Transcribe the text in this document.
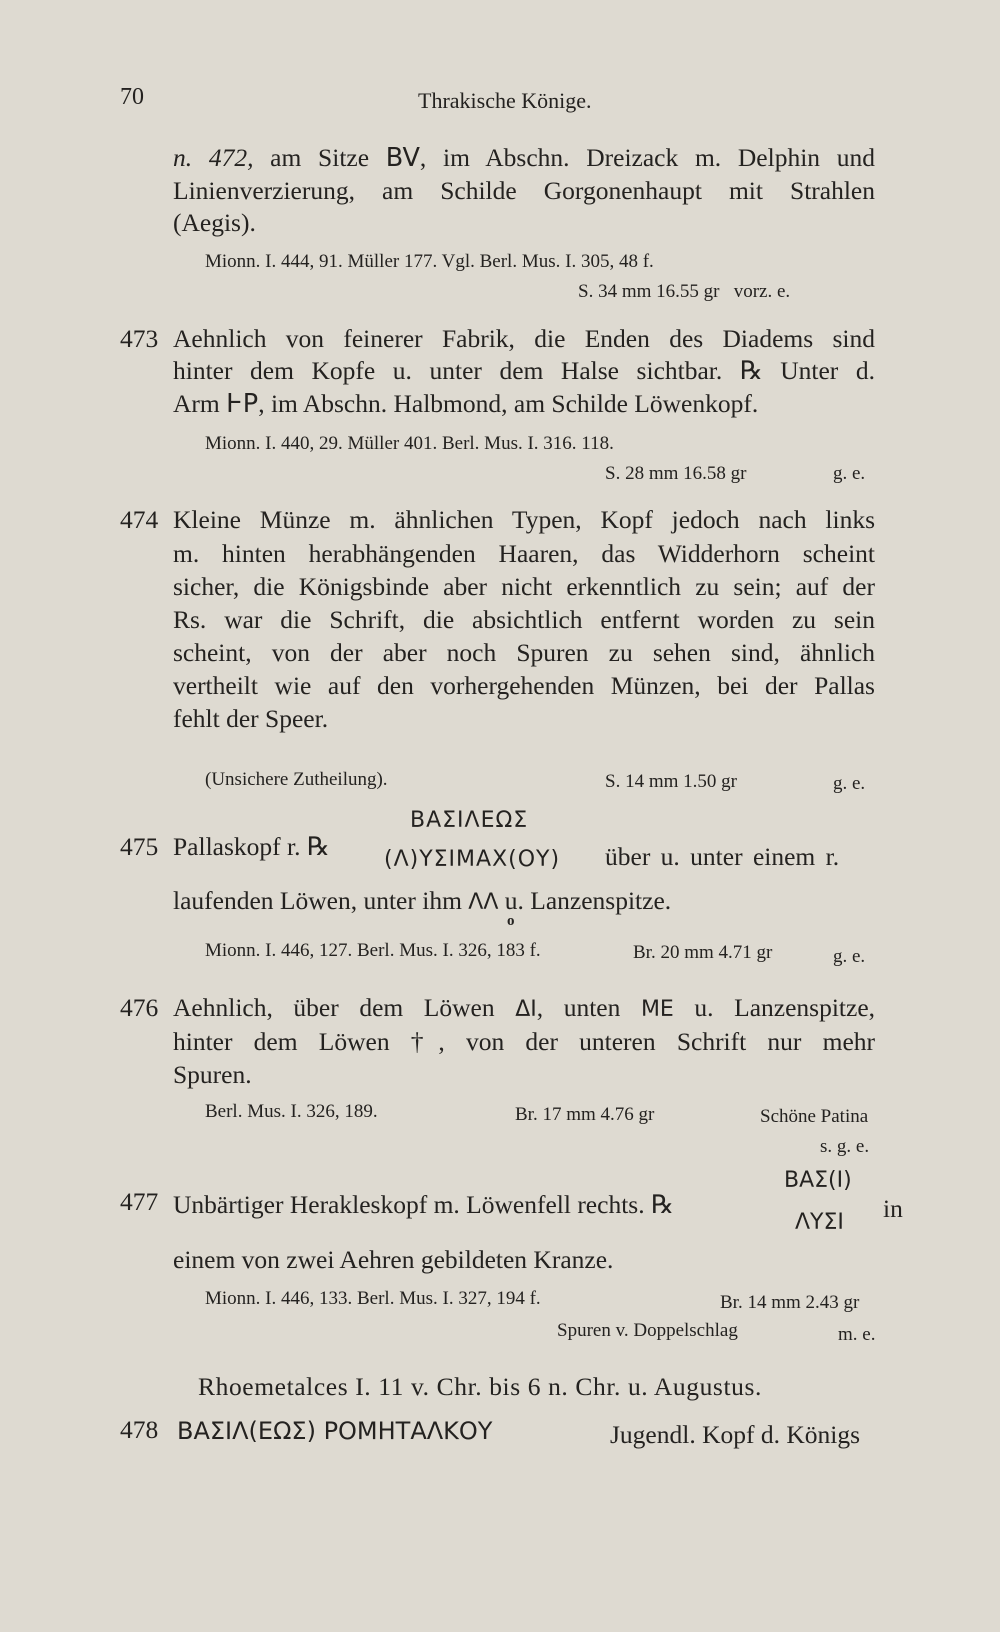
70	Thrakische Könige.
n. 472, am Sitze BV, im Abschn. Dreizack m. Delphin und
Linienverzierung, am Schilde Gorgonenhaupt mit Strahlen
(Aegis).
Mionn. I. 444, 91. Müller 177. Vgl. Berl. Mus. I. 305, 48 f.
S. 34 mm 16.55 gr   vorz. e.
473 Aehnlich von feinerer Fabrik, die Enden des Diadems sind
hinter dem Kopfe u. unter dem Halse sichtbar. ℞ Unter d.
Arm ⱵP, im Abschn. Halbmond, am Schilde Löwenkopf.
Mionn. I. 440, 29. Müller 401. Berl. Mus. I. 316. 118.
S. 28 mm 16.58 gr	g. e.
474 Kleine Münze m. ähnlichen Typen, Kopf jedoch nach links
m. hinten herabhängenden Haaren, das Widderhorn scheint
sicher, die Königsbinde aber nicht erkenntlich zu sein; auf der
Rs. war die Schrift, die absichtlich entfernt worden zu sein
scheint, von der aber noch Spuren zu sehen sind, ähnlich
vertheilt wie auf den vorhergehenden Münzen, bei der Pallas
fehlt der Speer.
(Unsichere Zutheilung).	S. 14 mm 1.50 gr	g. e.
475 Pallaskopf r. ℞
ΒΑΣΙΛΕΩΣ
(Λ)ΥΣΙΜΑΧ(ΟΥ) über u. unter einem r.
laufenden Löwen, unter ihm ΛΛ u. Lanzenspitze.
o
Mionn. I. 446, 127. Berl. Mus. I. 326, 183 f.	Br. 20 mm 4.71 gr	g. e.
476 Aehnlich, über dem Löwen ΔΙ, unten ΜΕ u. Lanzenspitze,
hinter dem Löwen †, von der unteren Schrift nur mehr
Spuren.
Berl. Mus. I. 326, 189.	Br. 17 mm 4.76 gr	Schöne Patina
s. g. e.
477 Unbärtiger Herakleskopf m. Löwenfell rechts. ℞
ΒΑΣ(Ι)
ΛΥΣΙ in
einem von zwei Aehren gebildeten Kranze.
Mionn. I. 446, 133. Berl. Mus. I. 327, 194 f.	Br. 14 mm 2.43 gr
Spuren v. Doppelschlag	m. e.
Rhoemetalces I. 11 v. Chr. bis 6 n. Chr. u. Augustus.
478 ΒΑΣΙΛ(ΕΩΣ) ΡΟΜΗΤΑΛΚΟΥ	Jugendl. Kopf d. Königs
